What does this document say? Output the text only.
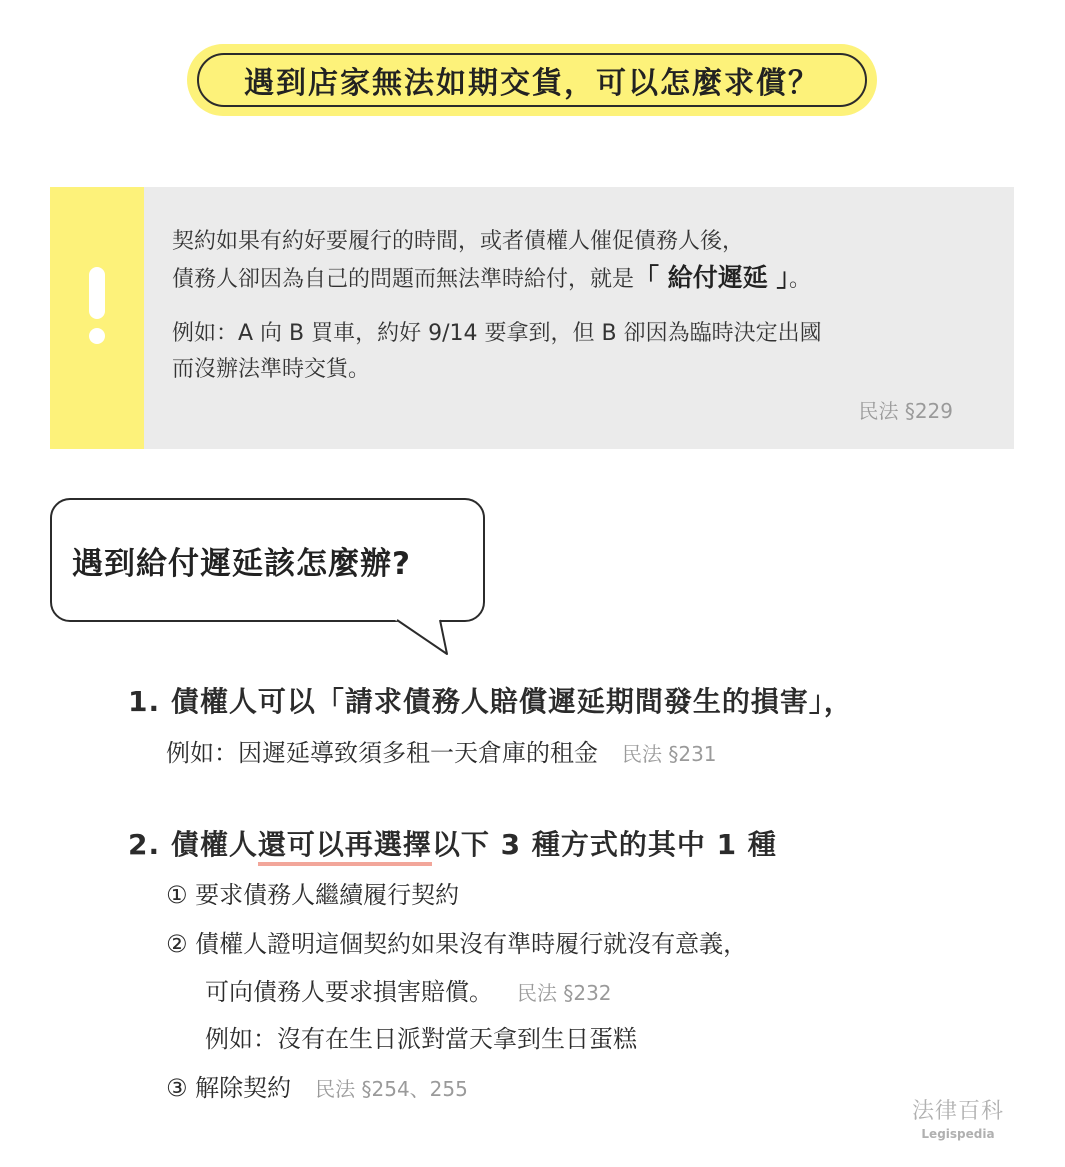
遇到店家無法如期交貨，可以怎麼求償？
契約如果有約好要履行的時間，或者債權人催促債務人後，
債務人卻因為自己的問題而無法準時給付，就是「 給付遲延 」。
例如：A 向 B 買車，約好 9/14 要拿到，但 B 卻因為臨時決定出國
而沒辦法準時交貨。
民法 §229
遇到給付遲延該怎麼辦?
1. 債權人可以「請求債務人賠償遲延期間發生的損害」，
例如：因遲延導致須多租一天倉庫的租金 民法 §231
2. 債權人還可以再選擇以下 3 種方式的其中 1 種
① 要求債務人繼續履行契約
② 債權人證明這個契約如果沒有準時履行就沒有意義，
可向債務人要求損害賠償。 民法 §232
例如：沒有在生日派對當天拿到生日蛋糕
③ 解除契約 民法 §254、255
法律百科
Legispedia
